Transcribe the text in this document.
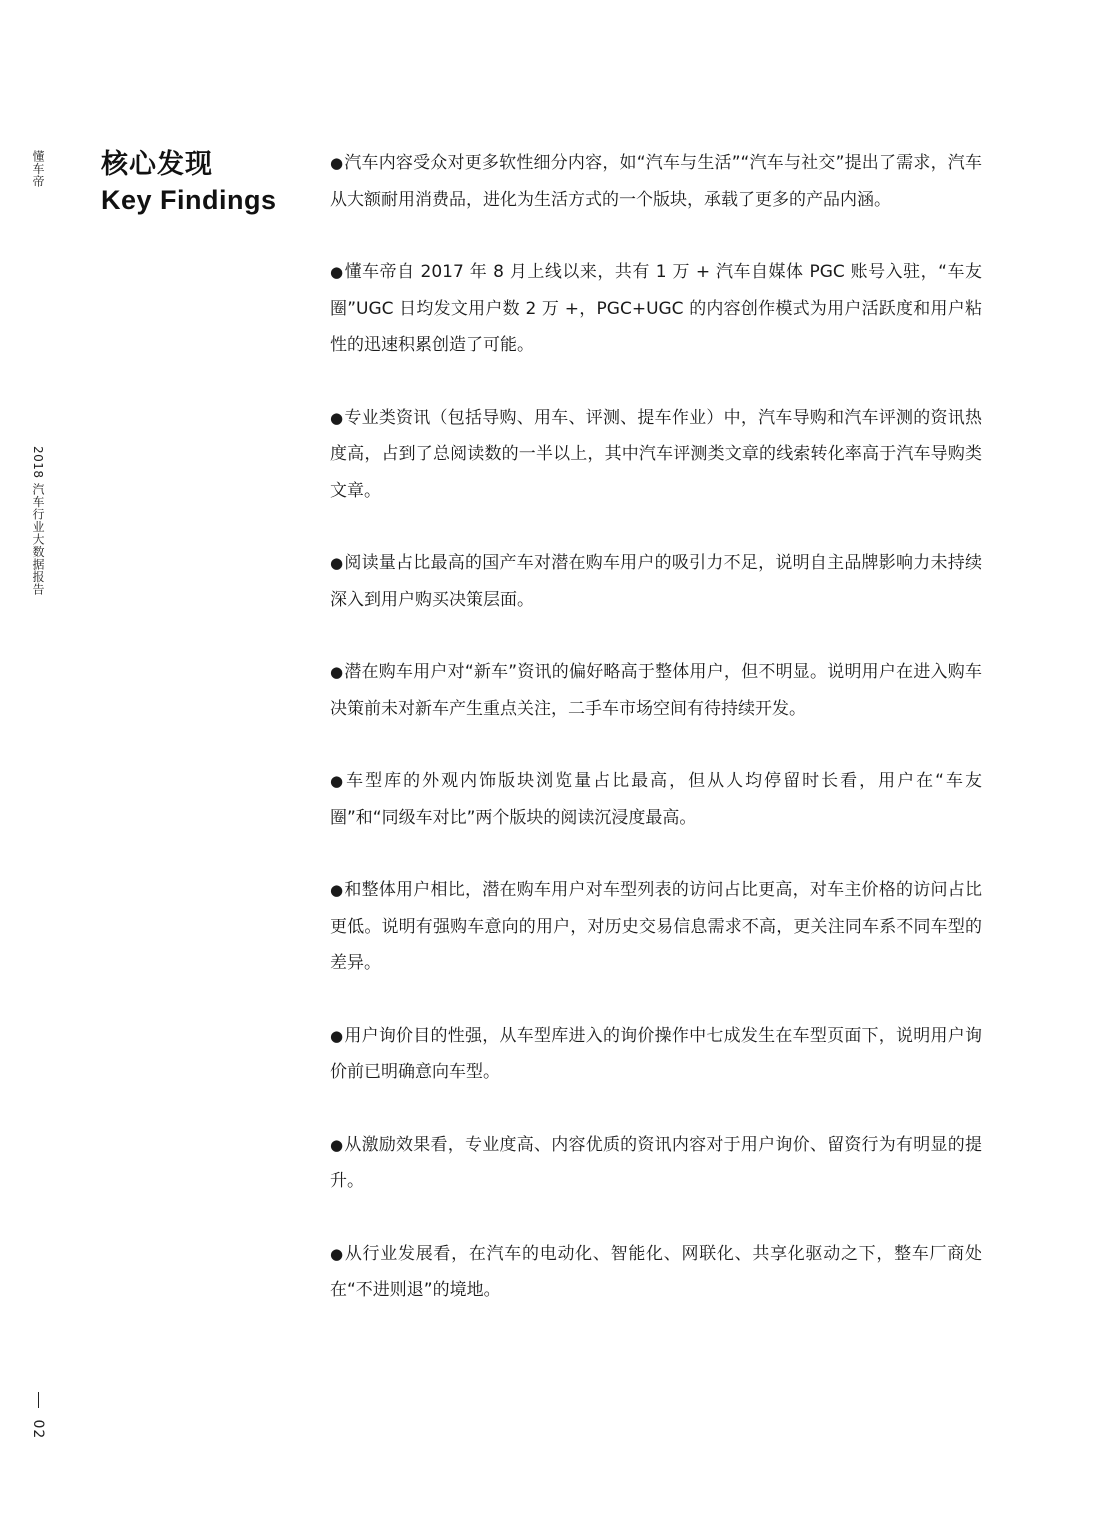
懂车帝
2018 汽车行业大数据报告
02
核心发现
Key Findings
●汽车内容受众对更多软性细分内容，如“汽车与生活”“汽车与社交”提出了需求，汽车从大额耐用消费品，进化为生活方式的一个版块，承载了更多的产品内涵。
●懂车帝自 2017 年 8 月上线以来，共有 1 万 + 汽车自媒体 PGC 账号入驻，“车友圈”UGC 日均发文用户数 2 万 +，PGC+UGC 的内容创作模式为用户活跃度和用户粘性的迅速积累创造了可能。
●专业类资讯（包括导购、用车、评测、提车作业）中，汽车导购和汽车评测的资讯热度高，占到了总阅读数的一半以上，其中汽车评测类文章的线索转化率高于汽车导购类文章。
●阅读量占比最高的国产车对潜在购车用户的吸引力不足，说明自主品牌影响力未持续深入到用户购买决策层面。
●潜在购车用户对“新车”资讯的偏好略高于整体用户，但不明显。说明用户在进入购车决策前未对新车产生重点关注，二手车市场空间有待持续开发。
●车型库的外观内饰版块浏览量占比最高，但从人均停留时长看，用户在“车友圈”和“同级车对比”两个版块的阅读沉浸度最高。
●和整体用户相比，潜在购车用户对车型列表的访问占比更高，对车主价格的访问占比更低。说明有强购车意向的用户，对历史交易信息需求不高，更关注同车系不同车型的差异。
●用户询价目的性强，从车型库进入的询价操作中七成发生在车型页面下，说明用户询价前已明确意向车型。
●从激励效果看，专业度高、内容优质的资讯内容对于用户询价、留资行为有明显的提升。
●从行业发展看，在汽车的电动化、智能化、网联化、共享化驱动之下，整车厂商处在“不进则退”的境地。
